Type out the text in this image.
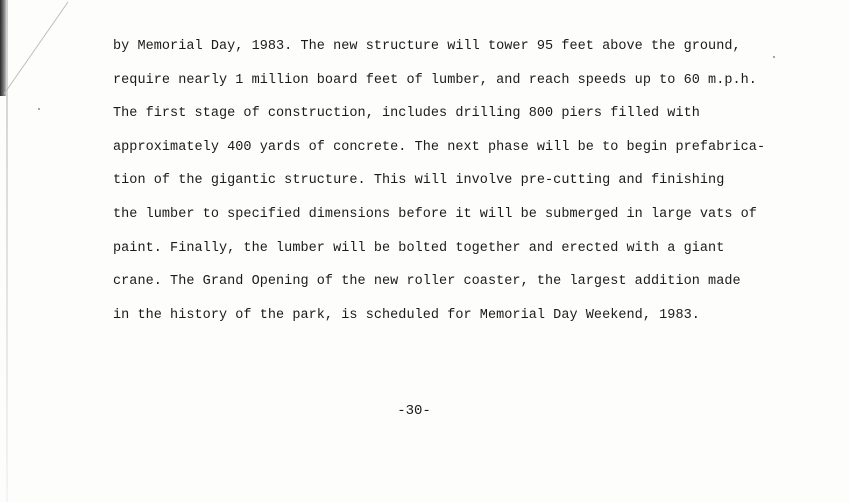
by Memorial Day, 1983. The new structure will tower 95 feet above the ground,
require nearly 1 million board feet of lumber, and reach speeds up to 60 m.p.h.
The first stage of construction, includes drilling 800 piers filled with
approximately 400 yards of concrete. The next phase will be to begin prefabrica-
tion of the gigantic structure. This will involve pre-cutting and finishing
the lumber to specified dimensions before it will be submerged in large vats of
paint. Finally, the lumber will be bolted together and erected with a giant
crane. The Grand Opening of the new roller coaster, the largest addition made
in the history of the park, is scheduled for Memorial Day Weekend, 1983.
-30-
